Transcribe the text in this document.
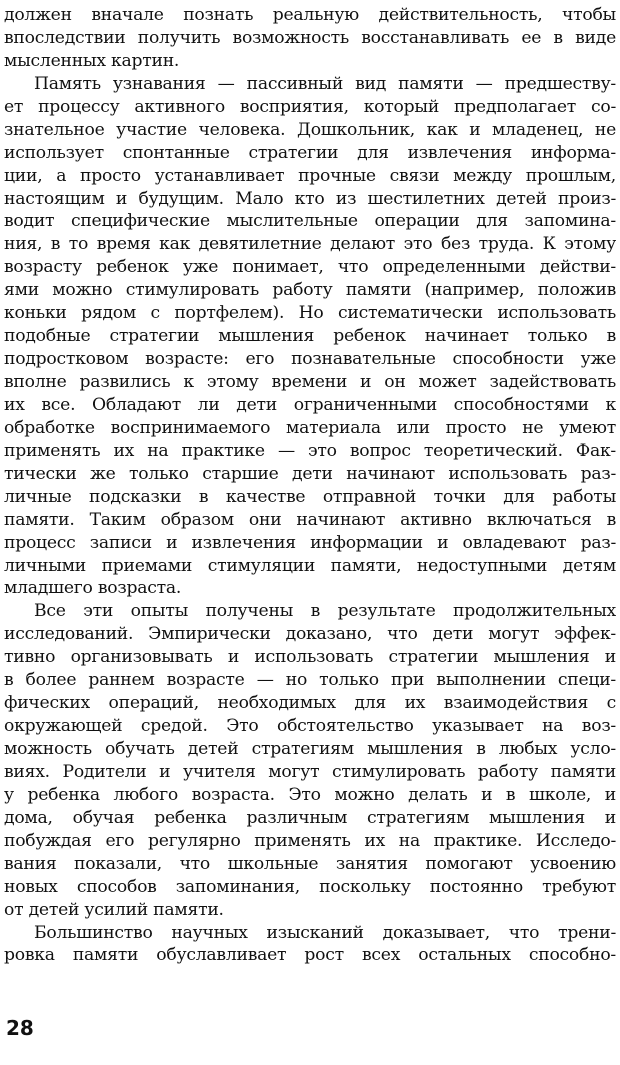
должен вначале познать реальную действительность, чтобы
впоследствии получить возможность восстанавливать ее в виде
мысленных картин.
Память узнавания — пассивный вид памяти — предшеству-
ет процессу активного восприятия, который предполагает со-
знательное участие человека. Дошкольник, как и младенец, не
использует спонтанные стратегии для извлечения информа-
ции, а просто устанавливает прочные связи между прошлым,
настоящим и будущим. Мало кто из шестилетних детей произ-
водит специфические мыслительные операции для запомина-
ния, в то время как девятилетние делают это без труда. К этому
возрасту ребенок уже понимает, что определенными действи-
ями можно стимулировать работу памяти (например, положив
коньки рядом с портфелем). Но систематически использовать
подобные стратегии мышления ребенок начинает только в
подростковом возрасте: его познавательные способности уже
вполне развились к этому времени и он может задействовать
их все. Обладают ли дети ограниченными способностями к
обработке воспринимаемого материала или просто не умеют
применять их на практике — это вопрос теоретический. Фак-
тически же только старшие дети начинают использовать раз-
личные подсказки в качестве отправной точки для работы
памяти. Таким образом они начинают активно включаться в
процесс записи и извлечения информации и овладевают раз-
личными приемами стимуляции памяти, недоступными детям
младшего возраста.
Все эти опыты получены в результате продолжительных
исследований. Эмпирически доказано, что дети могут эффек-
тивно организовывать и использовать стратегии мышления и
в более раннем возрасте — но только при выполнении специ-
фических операций, необходимых для их взаимодействия с
окружающей средой. Это обстоятельство указывает на воз-
можность обучать детей стратегиям мышления в любых усло-
виях. Родители и учителя могут стимулировать работу памяти
у ребенка любого возраста. Это можно делать и в школе, и
дома, обучая ребенка различным стратегиям мышления и
побуждая его регулярно применять их на практике. Исследо-
вания показали, что школьные занятия помогают усвоению
новых способов запоминания, поскольку постоянно требуют
от детей усилий памяти.
Большинство научных изысканий доказывает, что трени-
ровка памяти обуславливает рост всех остальных способно-
28
